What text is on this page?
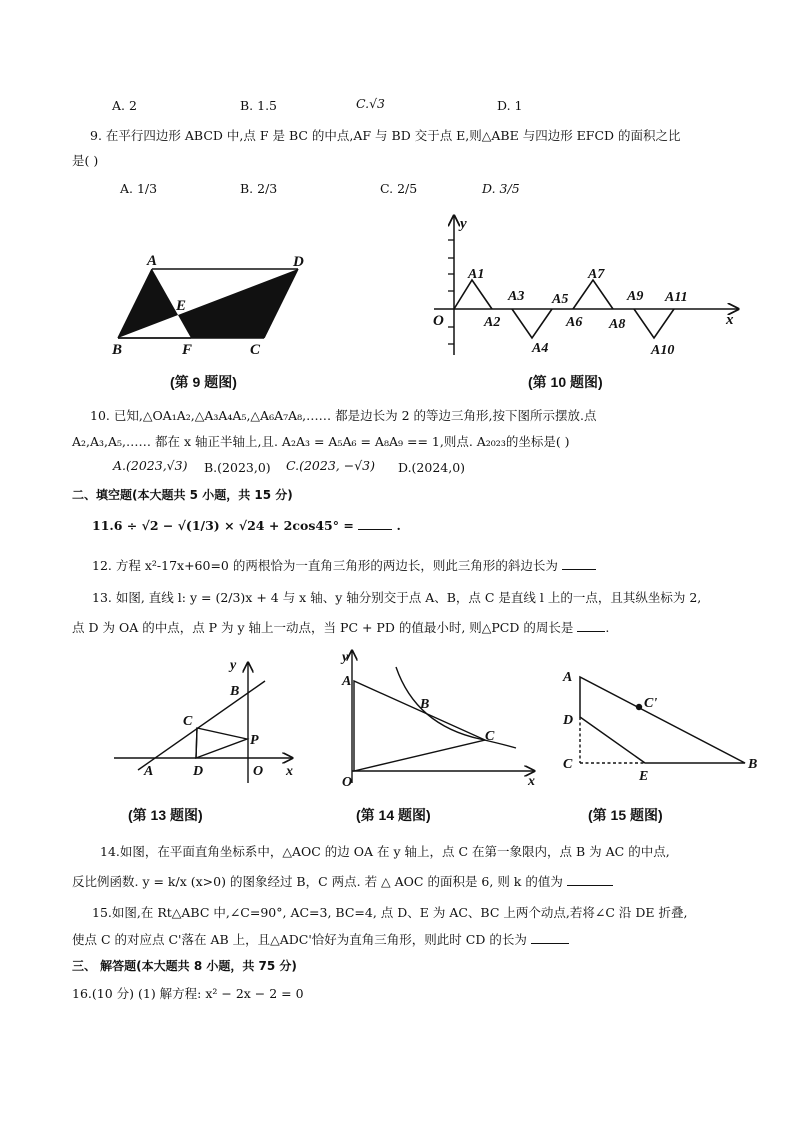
A. 2	B. 1.5	C.√3	D. 1
9. 在平行四边形 ABCD 中,点 F 是 BC 的中点,AF 与 BD 交于点 E,则△ABE 与四边形 EFCD 的面积之比
是( )
A. 1/3	B. 2/3	C. 2/5	D. 3/5
A	D
E
B	F	C
(第 9 题图)
y
x
O
A1
A2
A3
A4
A5
A6
A7
A8
A9
A10
A11
(第 10 题图)
10. 已知,△OA₁A₂,△A₃A₄A₅,△A₆A₇A₈,…… 都是边长为 2 的等边三角形,按下图所示摆放.点
A₂,A₃,A₅,…… 都在 x 轴正半轴上,且. A₂A₃ = A₅A₆ = A₈A₉ == 1,则点. A₂₀₂₃的坐标是( )
A.(2023,√3) B.(2023,0) C.(2023, −√3) D.(2024,0)
二、填空题(本大题共 5 小题，共 15 分)
11.6 ÷ √2 − √(1/3) × √24 + 2cos45° =	.
12. 方程 x²-17x+60=0 的两根恰为一直角三角形的两边长，则此三角形的斜边长为
13. 如图, 直线 l: y = (2/3)x + 4 与 x 轴、y 轴分别交于点 A、B，点 C 是直线 l 上的一点，且其纵坐标为 2,
点 D 为 OA 的中点，点 P 为 y 轴上一动点，当 PC + PD 的值最小时, 则△PCD 的周长是	.
y
B
C
P
A	D	O x
(第 13 题图)
y
A
B
C
O	x
(第 14 题图)
A
C'
D
C
E
B
(第 15 题图)
14.如图，在平面直角坐标系中，△AOC 的边 OA 在 y 轴上，点 C 在第一象限内，点 B 为 AC 的中点,
反比例函数. y = k/x (x>0) 的图象经过 B，C 两点. 若 △ AOC 的面积是 6, 则 k 的值为
15.如图,在 Rt△ABC 中,∠C=90°, AC=3, BC=4, 点 D、E 为 AC、BC 上两个动点,若将∠C 沿 DE 折叠,
使点 C 的对应点 C'落在 AB 上，且△ADC'恰好为直角三角形，则此时 CD 的长为
三、 解答题(本大题共 8 小题，共 75 分)
16.(10 分) (1) 解方程: x² − 2x − 2 = 0
